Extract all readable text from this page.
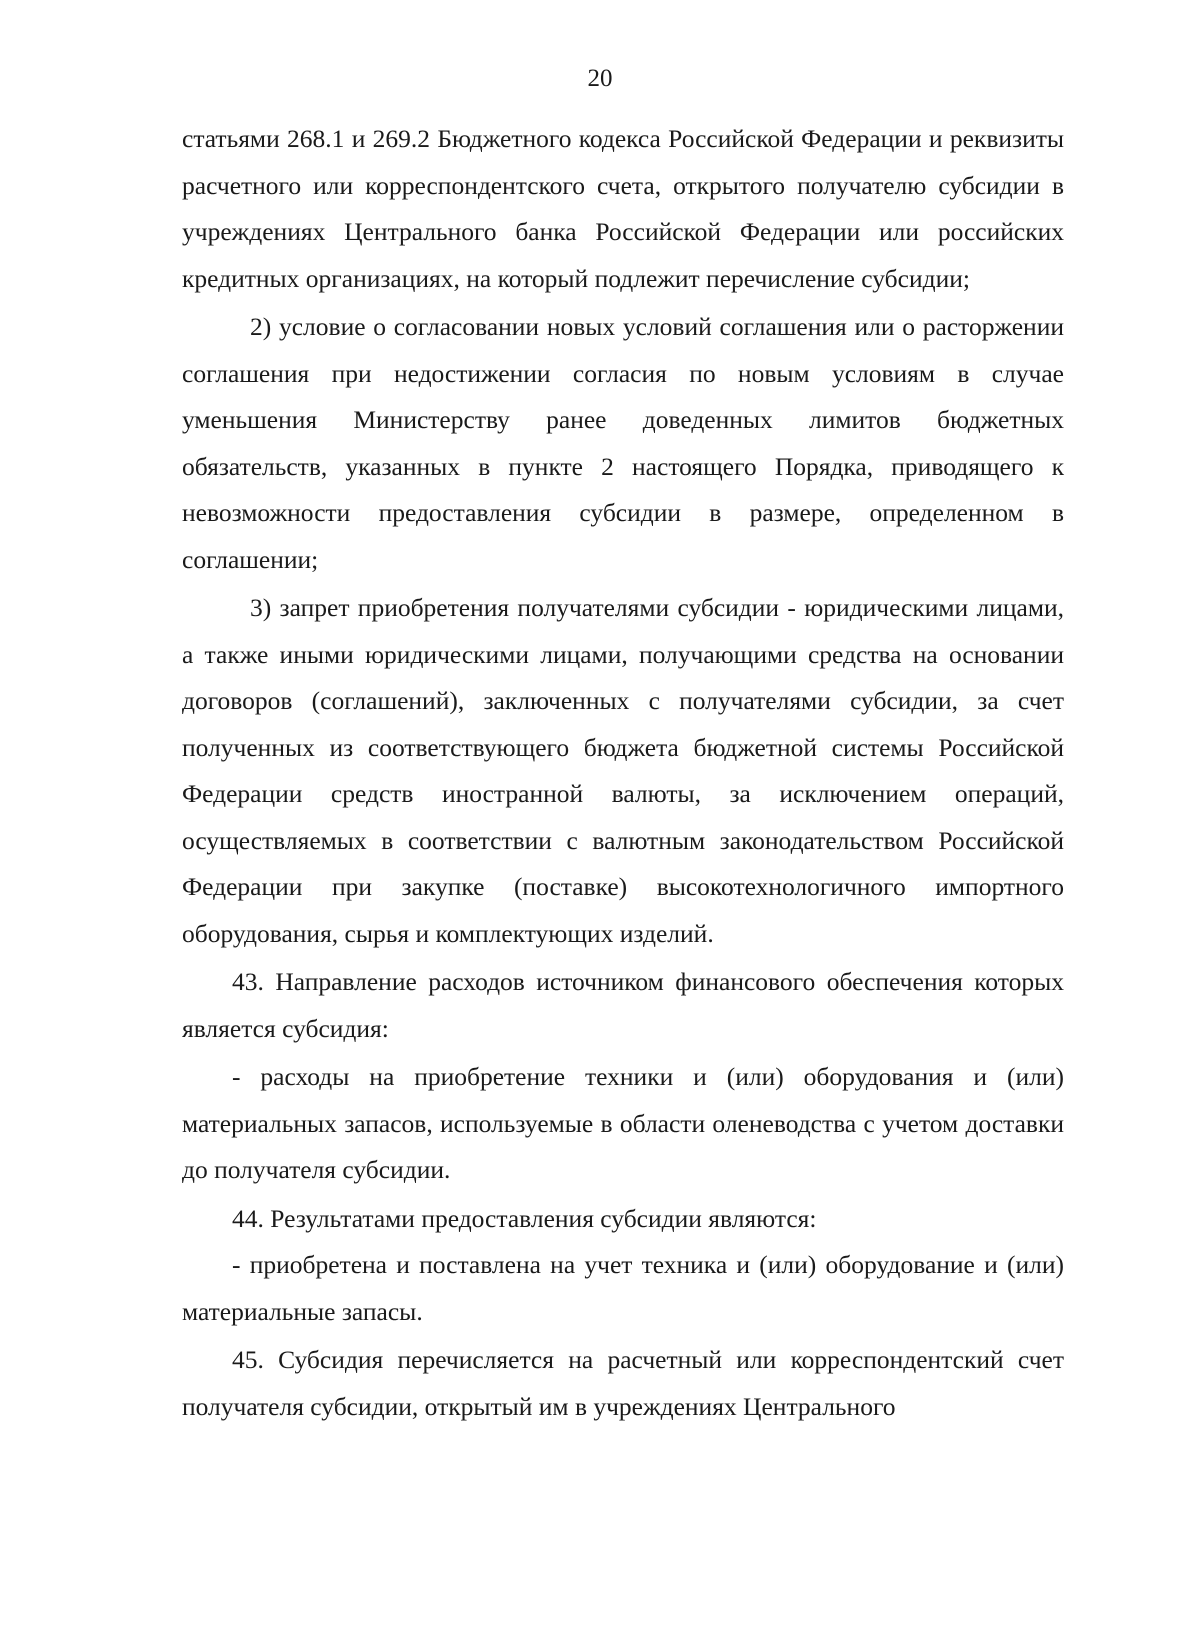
20

статьями 268.1 и 269.2 Бюджетного кодекса Российской Федерации и реквизиты расчетного или корреспондентского счета, открытого получателю субсидии в учреждениях Центрального банка Российской Федерации или российских кредитных организациях, на который подлежит перечисление субсидии;

2) условие о согласовании новых условий соглашения или о расторжении соглашения при недостижении согласия по новым условиям в случае уменьшения Министерству ранее доведенных лимитов бюджетных обязательств, указанных в пункте 2 настоящего Порядка, приводящего к невозможности предоставления субсидии в размере, определенном в соглашении;

3) запрет приобретения получателями субсидии - юридическими лицами, а также иными юридическими лицами, получающими средства на основании договоров (соглашений), заключенных с получателями субсидии, за счет полученных из соответствующего бюджета бюджетной системы Российской Федерации средств иностранной валюты, за исключением операций, осуществляемых в соответствии с валютным законодательством Российской Федерации при закупке (поставке) высокотехнологичного импортного оборудования, сырья и комплектующих изделий.

43. Направление расходов источником финансового обеспечения которых является субсидия:

- расходы на приобретение техники и (или) оборудования и (или) материальных запасов, используемые в области оленеводства с учетом доставки до получателя субсидии.

44. Результатами предоставления субсидии являются:

- приобретена и поставлена на учет техника и (или) оборудование и (или) материальные запасы.

45. Субсидия перечисляется на расчетный или корреспондентский счет получателя субсидии, открытый им в учреждениях Центрального
